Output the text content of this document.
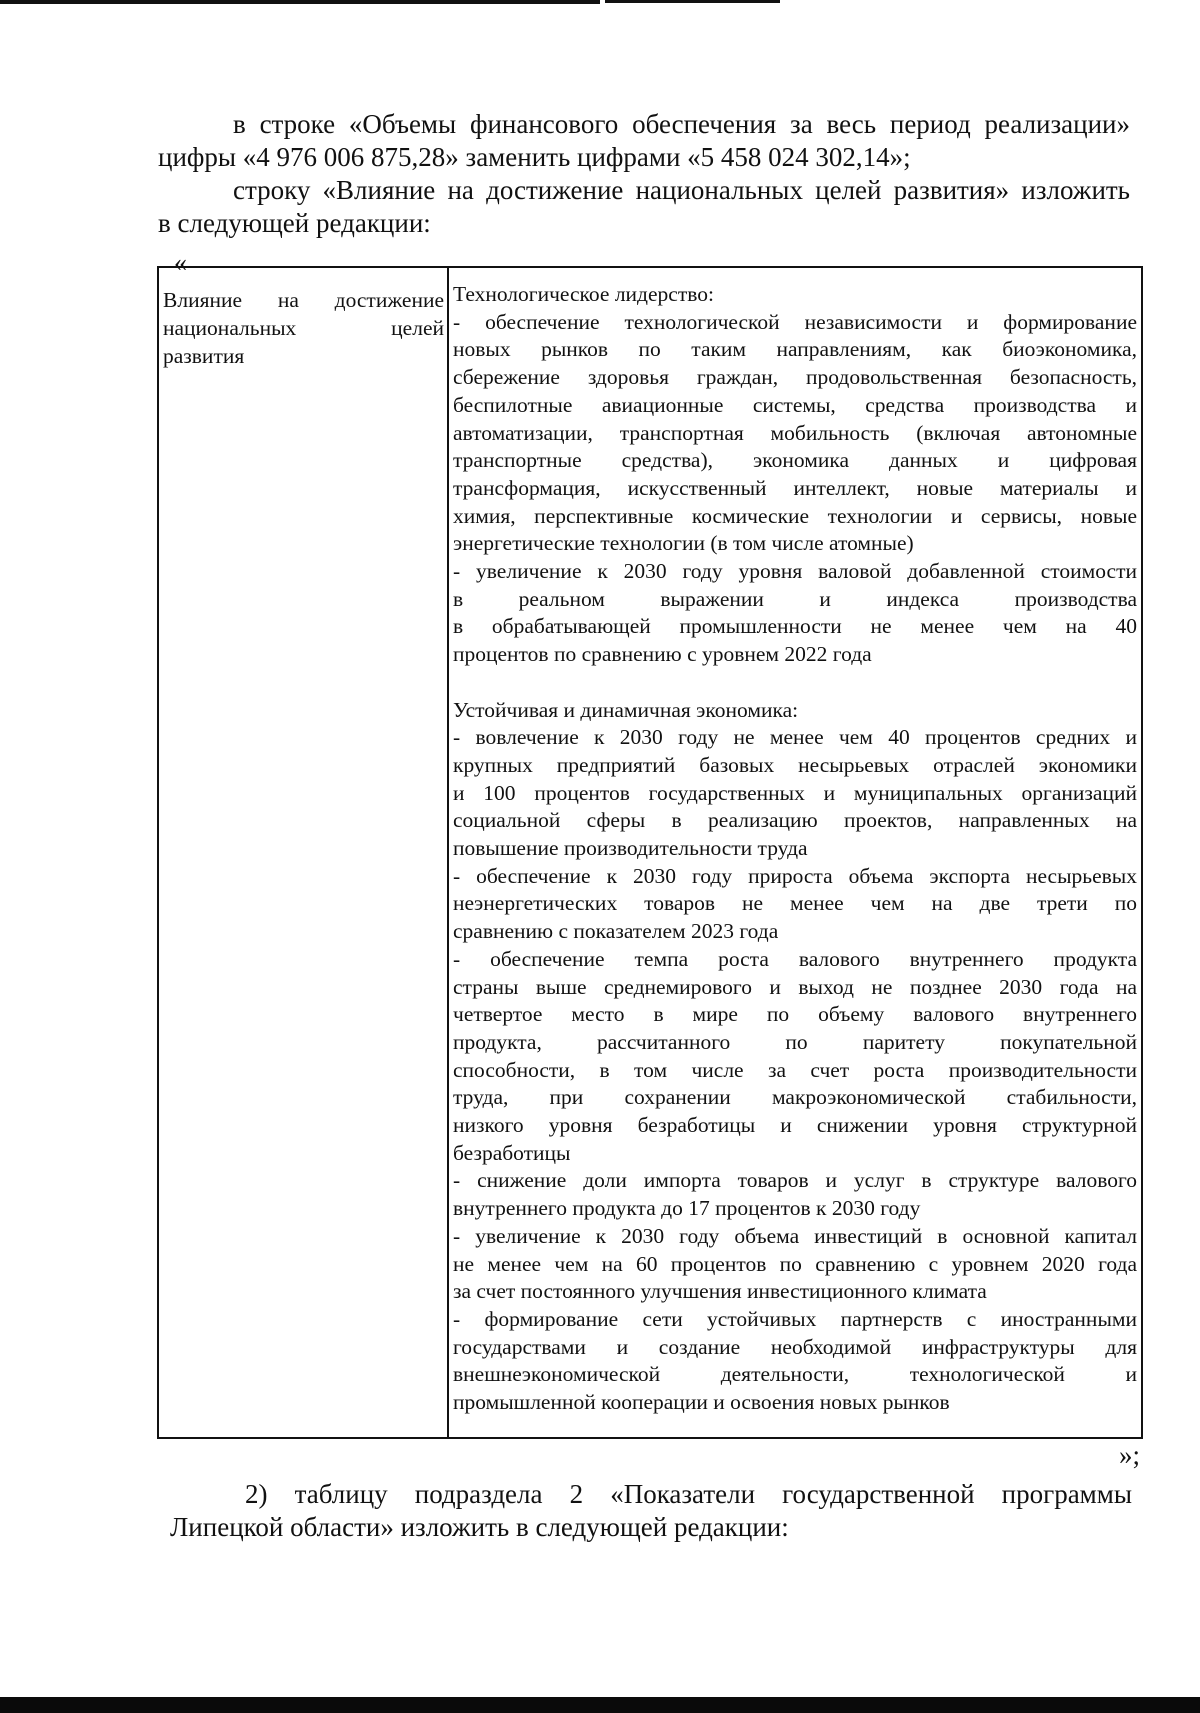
в строке «Объемы финансового обеспечения за весь период реализации»

цифры «4 976 006 875,28» заменить цифрами «5 458 024 302,14»;

строку «Влияние на достижение национальных целей развития» изложить

в следующей редакции:

«
Влияние на достижение
национальных целей
развития
Технологическое лидерство:
- обеспечение технологической независимости и формирование
новых рынков по таким направлениям, как биоэкономика,
сбережение здоровья граждан, продовольственная безопасность,
беспилотные авиационные системы, средства производства и
автоматизации, транспортная мобильность (включая автономные
транспортные средства), экономика данных и цифровая
трансформация, искусственный интеллект, новые материалы и
химия, перспективные космические технологии и сервисы, новые
энергетические технологии (в том числе атомные)
- увеличение к 2030 году уровня валовой добавленной стоимости
в реальном выражении и индекса производства
в обрабатывающей промышленности не менее чем на 40
процентов по сравнению с уровнем 2022 года
Устойчивая и динамичная экономика:
- вовлечение к 2030 году не менее чем 40 процентов средних и
крупных предприятий базовых несырьевых отраслей экономики
и 100 процентов государственных и муниципальных организаций
социальной сферы в реализацию проектов, направленных на
повышение производительности труда
- обеспечение к 2030 году прироста объема экспорта несырьевых
неэнергетических товаров не менее чем на две трети по
сравнению с показателем 2023 года
- обеспечение темпа роста валового внутреннего продукта
страны выше среднемирового и выход не позднее 2030 года на
четвертое место в мире по объему валового внутреннего
продукта, рассчитанного по паритету покупательной
способности, в том числе за счет роста производительности
труда, при сохранении макроэкономической стабильности,
низкого уровня безработицы и снижении уровня структурной
безработицы
- снижение доли импорта товаров и услуг в структуре валового
внутреннего продукта до 17 процентов к 2030 году
- увеличение к 2030 году объема инвестиций в основной капитал
не менее чем на 60 процентов по сравнению с уровнем 2020 года
за счет постоянного улучшения инвестиционного климата
- формирование сети устойчивых партнерств с иностранными
государствами и создание необходимой инфраструктуры для
внешнеэкономической деятельности, технологической и
промышленной кооперации и освоения новых рынков
»;

2) таблицу подраздела 2 «Показатели государственной программы

Липецкой области» изложить в следующей редакции:
